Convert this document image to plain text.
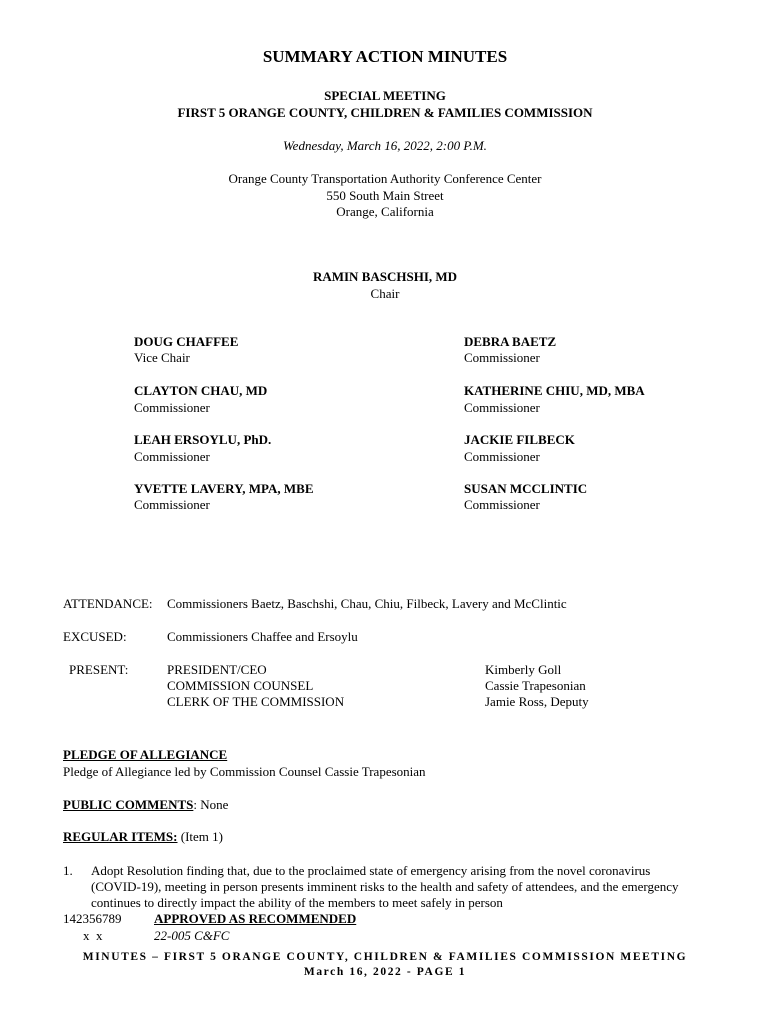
SUMMARY ACTION MINUTES
SPECIAL MEETING
FIRST 5 ORANGE COUNTY, CHILDREN & FAMILIES COMMISSION
Wednesday, March 16, 2022, 2:00 P.M.
Orange County Transportation Authority Conference Center
550 South Main Street
Orange, California
RAMIN BASCHSHI, MD
Chair
DOUG CHAFFEE
Vice Chair
DEBRA BAETZ
Commissioner
CLAYTON CHAU, MD
Commissioner
KATHERINE CHIU, MD, MBA
Commissioner
LEAH ERSOYLU, PhD.
Commissioner
JACKIE FILBECK
Commissioner
YVETTE LAVERY, MPA, MBE
Commissioner
SUSAN MCCLINTIC
Commissioner
ATTENDANCE: Commissioners Baetz, Baschshi, Chau, Chiu, Filbeck, Lavery and McClintic
EXCUSED:	Commissioners Chaffee and Ersoylu
PRESENT:	PRESIDENT/CEO	Kimberly Goll
COMMISSION COUNSEL	Cassie Trapesonian
CLERK OF THE COMMISSION	Jamie Ross, Deputy
PLEDGE OF ALLEGIANCE
Pledge of Allegiance led by Commission Counsel Cassie Trapesonian
PUBLIC COMMENTS: None
REGULAR ITEMS: (Item 1)
1. Adopt Resolution finding that, due to the proclaimed state of emergency arising from the novel coronavirus (COVID-19), meeting in person presents imminent risks to the health and safety of attendees, and the emergency continues to directly impact the ability of the members to meet safely in person
142356789	APPROVED AS RECOMMENDED
x  x	22-005 C&FC
MINUTES – FIRST 5 ORANGE COUNTY, CHILDREN & FAMILIES COMMISSION MEETING
March 16, 2022 - PAGE 1
